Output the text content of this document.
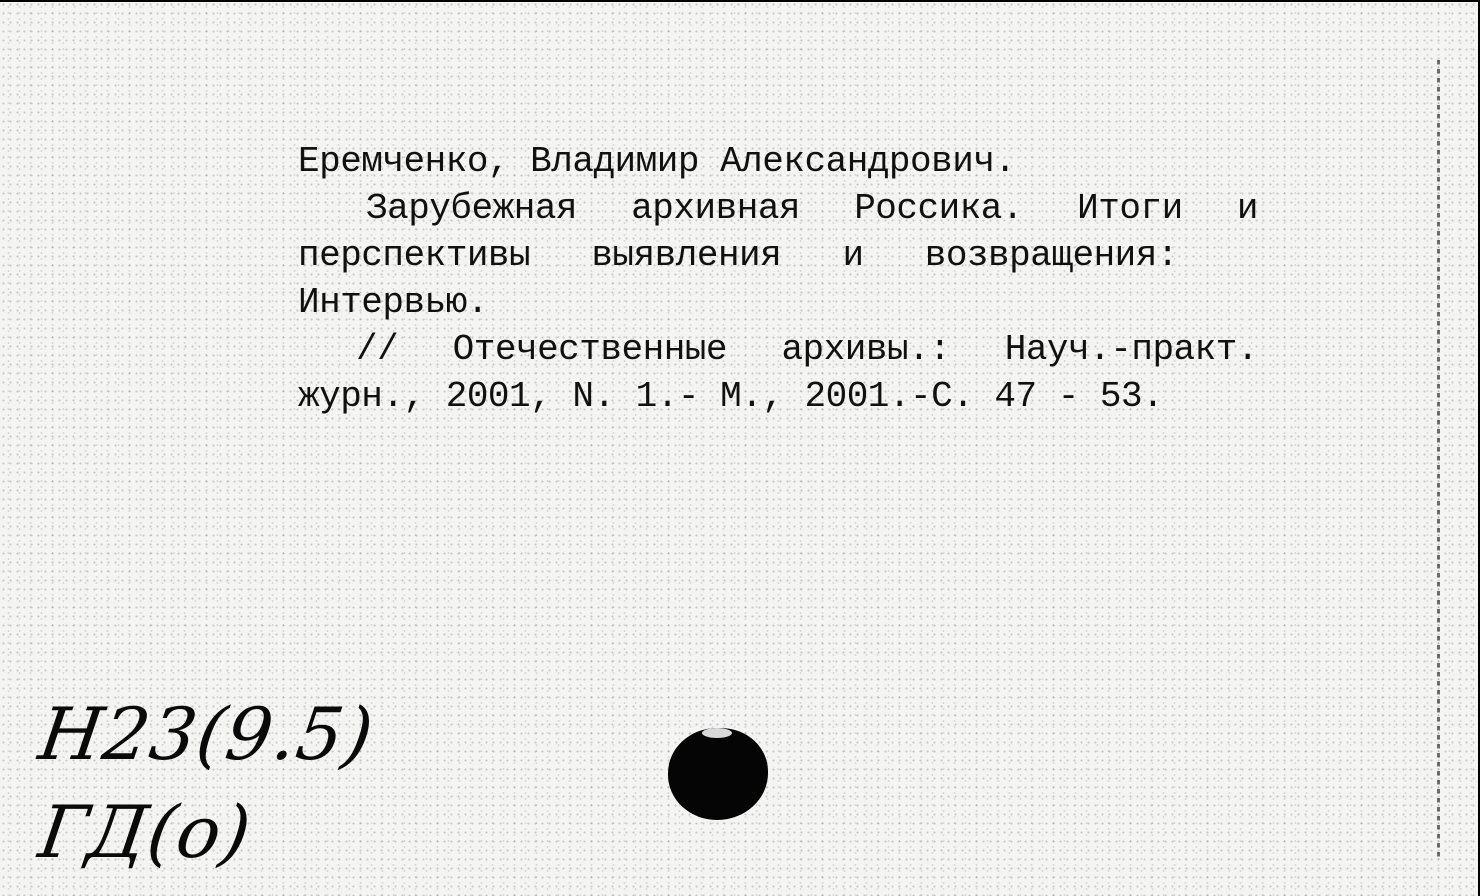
Еремченко, Владимир Александрович.
Зарубежная архивная Россика. Итоги и
перспективы выявления и возвращения:
Интервью.
// Отечественные архивы.: Науч.-практ.
журн., 2001, N. 1.- М., 2001.-С. 47 - 53.
Н23(9.5)
ГД(о)
